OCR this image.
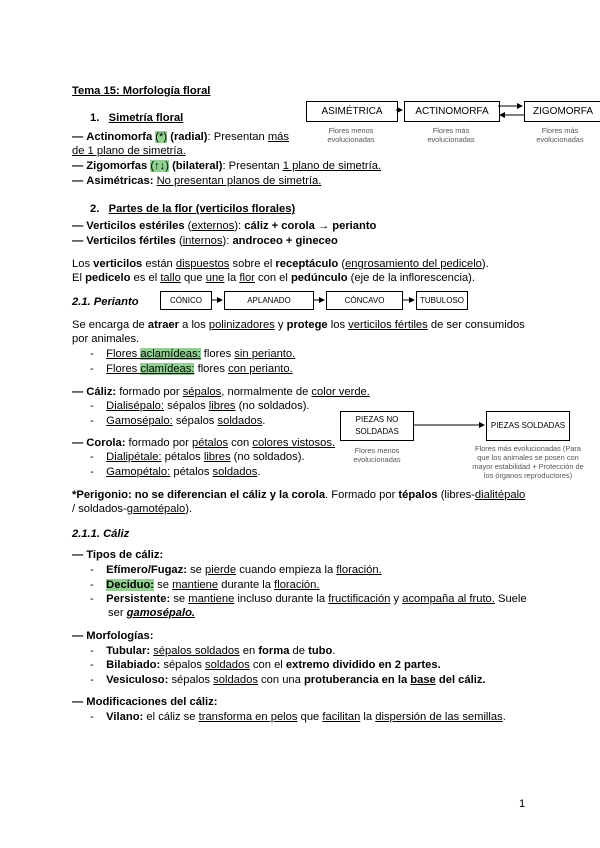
Tema 15: Morfología floral
1. Simetría floral
ASIMÉTRICA	ACTINOMORFA	ZIGOMORFA
Flores menos evolucionadas
Flores más evolucionadas
Flores más evolucionadas
— Actinomorfa (*) (radial): Presentan más
de 1 plano de simetría.
— Zigomorfas (↑↓) (bilateral): Presentan 1 plano de simetría.
— Asimétricas: No presentan planos de simetría.
2. Partes de la flor (verticilos florales)
— Verticilos estériles (externos): cáliz + corola → perianto
— Verticilos fértiles (internos): androceo + gineceo
Los verticilos están dispuestos sobre el receptáculo (engrosamiento del pedicelo).
El pedicelo es el tallo que une la flor con el pedúnculo (eje de la inflorescencia).
2.1. Perianto	CÓNICO	APLANADO	CÓNCAVO	TUBULOSO
Se encarga de atraer a los polinizadores y protege los verticilos fértiles de ser consumidos
por animales.
- Flores aclamídeas: flores sin perianto.
- Flores clamídeas: flores con perianto.
— Cáliz: formado por sépalos, normalmente de color verde.
- Dialisépalo: sépalos libres (no soldados).
- Gamosépalo: sépalos soldados.	PIEZAS NO SOLDADAS
PIEZAS SOLDADAS
Flores menos evolucionadas
Flores más evolucionadas (Para que los animales se posen con mayor estabilidad + Protección de los órganos reproductores)
— Corola: formado por pétalos con colores vistosos.
- Dialipétale: pétalos libres (no soldados).
- Gamopétalo: pétalos soldados.
*Perigonio: no se diferencian el cáliz y la corola. Formado por tépalos (libres-dialitépalo
/ soldados-gamotépalo).
2.1.1. Cáliz
— Tipos de cáliz:
- Efímero/Fugaz: se pierde cuando empieza la floración.
- Deciduo: se mantiene durante la floración.
- Persistente: se mantiene incluso durante la fructificación y acompaña al fruto. Suele
ser gamosépalo.
— Morfologías:
- Tubular: sépalos soldados en forma de tubo.
- Bilabiado: sépalos soldados con el extremo dividido en 2 partes.
- Vesiculoso: sépalos soldados con una protuberancia en la base del cáliz.
— Modificaciones del cáliz:
- Vilano: el cáliz se transforma en pelos que facilitan la dispersión de las semillas.
1
